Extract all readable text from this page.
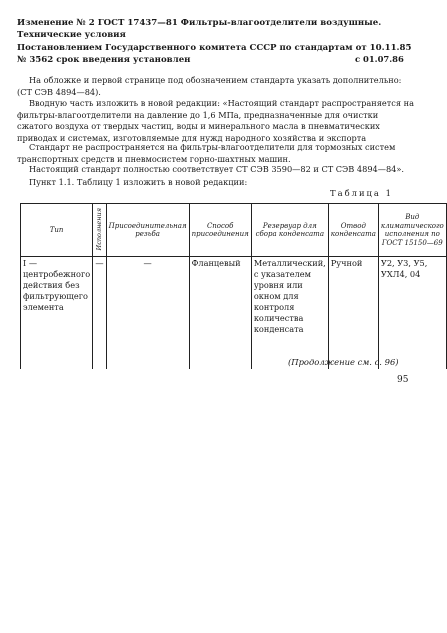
Изменение № 2 ГОСТ 17437—81 Фильтры-влагоотделители воздушные. Технические условия
Постановлением Государственного комитета СССР по стандартам от 10.11.85 № 3562 срок введения установлен	с 01.07.86
На обложке и первой странице под обозначением стандарта указать дополнительно: (СТ СЭВ 4894—84).
Вводную часть изложить в новой редакции: «Настоящий стандарт распространяется на фильтры-влагоотделители на давление до 1,6 МПа, предназначенные для очистки сжатого воздуха от твердых частиц, воды и минерального масла в пневматических приводах и системах, изготовляемые для нужд народного хозяйства и экспорта
Стандарт не распространяется на фильтры-влагоотделители для тормозных систем транспортных средств и пневмосистем горно-шахтных машин.
Настоящий стандарт полностью соответствует СТ СЭВ 3590—82 и СТ СЭВ 4894—84».
Пункт 1.1. Таблицу 1 изложить в новой редакции:
Таблица 1
Тип	Исполнения	Присоединительная резьба	Способ присоединения	Резервуар для сбора конденсата	Отвод конденсата	Вид климатического исполнения по ГОСТ 15150—69
I — центробежного действия без фильтрующего элемента	—	—	Фланцевый	Металлический, с указателем уровня или окном для контроля количества конденсата	Ручной	У2, У3, У5, УХЛ4, 04
(Продолжение см. с. 96)
95
